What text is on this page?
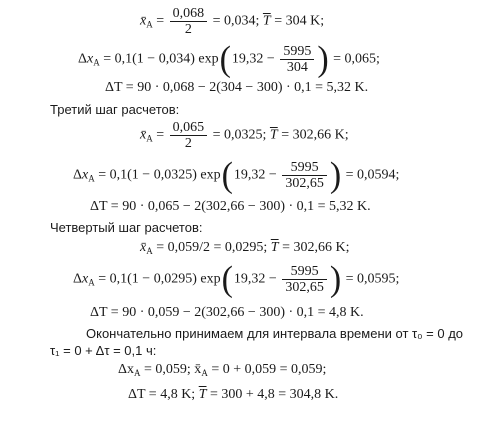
$x̄_A = \frac{0,068}{2} = 0,034$; $\overline{T} = 304$ K;
$\Delta x_A = 0,1(1 - 0,034) \exp(19,32 - \frac{5995}{304}$ ) = 0,065;
ΔT = 90 · 0,068 − 2(304 − 300) · 0,1 = 5,32 K.
Третий шаг расчетов:
$x̄_A = \frac{0,065}{2} = 0,0325$; $\overline{T} = 302,66$ K;
$\Delta x_A = 0,1(1 - 0,0325) \exp(19,32 - \frac{5995}{302,65}$ ) = 0,0594;
ΔT = 90 · 0,065 − 2(302,66 − 300) · 0,1 = 5,32 K.
Четвертый шаг расчетов:
$x̄_A = 0,059/2 = 0,0295$; $\overline{T} = 302,66$ K;
$\Delta x_A = 0,1(1 - 0,0295) \exp(19,32 - \frac{5995}{302,65}$ ) = 0,0595;
ΔT = 90 · 0,059 − 2(302,66 − 300) · 0,1 = 4,8 K.
Окончательно принимаем для интервала времени от τ₀ = 0 до
τ₁ = 0 + Δτ = 0,1 ч:
$\Delta x_A = 0,059$; $x̄_A = 0 + 0,059 = 0,059$;
ΔT = 4,8 K; $\overline{T} = 300 + 4,8 = 304,8$ K.
